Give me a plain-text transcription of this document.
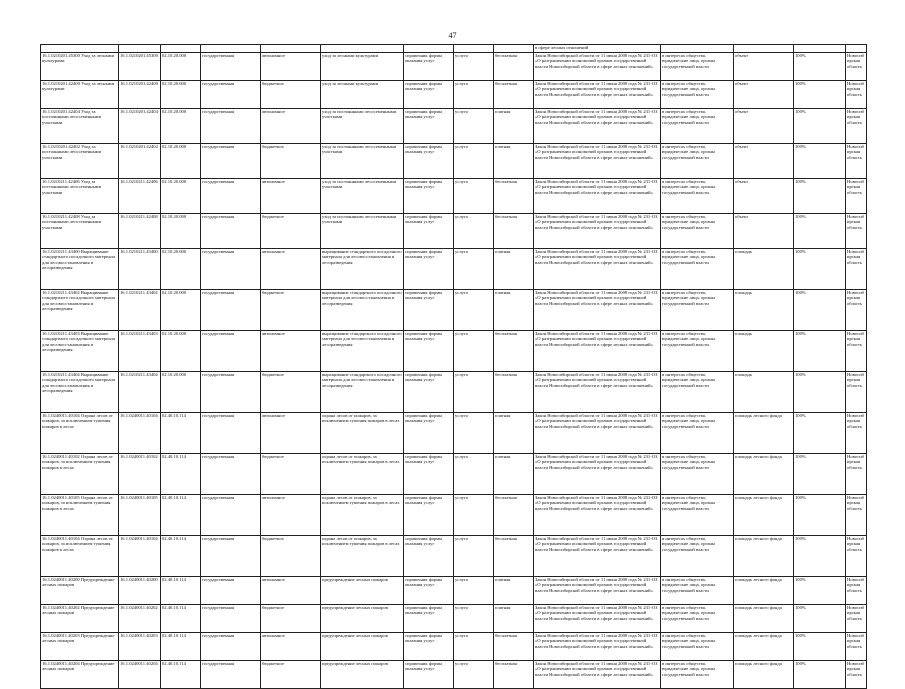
47
									в сфере лесных отношений				
16.1.0210201.45300 Уход за лесными культурами	16.1.0210201.45300	02.10.20.000	государственная	автономное	уход за лесными культурами	справочник формы оказания услуг	услуга	бесплатная	Закон Новосибирской области от 11 июня 2008 года № 231-ОЗ «О разграничении полномочий органов государственной власти Новосибирской области в сфере лесных отношений»	в интересах общества, юридические лица, органы государственной власти	объект	100%	Новосибирская область
16.1.0210201.42400 Уход за лесными культурами	16.1.0210201.42400	02.10.20.000	государственная	бюджетное	уход за лесными культурами	справочник формы оказания услуг	услуга	бесплатная	Закон Новосибирской области от 11 июня 2008 года № 231-ОЗ «О разграничении полномочий органов государственной власти Новосибирской области в сфере лесных отношений»	в интересах общества, юридические лица, органы государственной власти	объект	100%	Новосибирская область
16.1.0210201.42404 Уход за постоянными лесосеменными участками	16.1.0210201.42404	02.10.20.000	государственная	автономное	уход за постоянными лесосеменными участками	справочник формы оказания услуг	услуга	платная	Закон Новосибирской области от 11 июня 2008 года № 231-ОЗ «О разграничении полномочий органов государственной власти Новосибирской области в сфере лесных отношений»	в интересах общества, юридические лица, органы государственной власти	объект	100%	Новосибирская область
16.1.0210201.42402 Уход за постоянными лесосеменными участками	16.1.0210201.42402	02.10.20.000	государственная	бюджетное	уход за постоянными лесосеменными участками	справочник формы оказания услуг	услуга	платная	Закон Новосибирской области от 11 июня 2008 года № 231-ОЗ «О разграничении полномочий органов государственной власти Новосибирской области в сфере лесных отношений»	в интересах общества, юридические лица, органы государственной власти	объект	100%	Новосибирская область
16.1.0210211.42406 Уход за постоянными лесосеменными участками	16.1.0210211.42406	02.10.20.000	государственная	автономное	уход за постоянными лесосеменными участками	справочник формы оказания услуг	услуга	бесплатная	Закон Новосибирской области от 11 июня 2008 года № 231-ОЗ «О разграничении полномочий органов государственной власти Новосибирской области в сфере лесных отношений»	в интересах общества, юридические лица, органы государственной власти	объект	100%	Новосибирская область
16.1.0210211.42408 Уход за постоянными лесосеменными участками	16.1.0210211.42408	02.10.20.000	государственная	бюджетное	уход за постоянными лесосеменными участками	справочник формы оказания услуг	услуга	бесплатная	Закон Новосибирской области от 11 июня 2008 года № 231-ОЗ «О разграничении полномочий органов государственной власти Новосибирской области в сфере лесных отношений»	в интересах общества, юридические лица, органы государственной власти	объект	100%	Новосибирская область
16.1.0210211.43400 Выращивание стандартного посадочного материала для лесовосстановления и лесоразведения	16.1.0210211.43400	02.10.20.000	государственная	автономное	выращивание стандартного посадочного материала для лесовосстановления и лесоразведения	справочник формы оказания услуг	услуга	платная	Закон Новосибирской области от 11 июня 2008 года № 231-ОЗ «О разграничении полномочий органов государственной власти Новосибирской области в сфере лесных отношений»	в интересах общества, юридические лица, органы государственной власти	площадь	100%	Новосибирская область
16.1.0210211.43402 Выращивание стандартного посадочного материала для лесовосстановления и лесоразведения	16.1.0210211.43402	02.10.20.000	государственная	бюджетное	выращивание стандартного посадочного материала для лесовосстановления и лесоразведения	справочник формы оказания услуг	услуга	платная	Закон Новосибирской области от 11 июня 2008 года № 231-ОЗ «О разграничении полномочий органов государственной власти Новосибирской области в сфере лесных отношений»	в интересах общества, юридические лица, органы государственной власти	площадь	100%	Новосибирская область
16.1.0210211.43403 Выращивание стандартного посадочного материала для лесовосстановления и лесоразведения	16.1.0210211.43403	02.10.20.000	государственная	автономное	выращивание стандартного посадочного материала для лесовосстановления и лесоразведения	справочник формы оказания услуг	услуга	бесплатная	Закон Новосибирской области от 11 июня 2008 года № 231-ОЗ «О разграничении полномочий органов государственной власти Новосибирской области в сфере лесных отношений»	в интересах общества, юридические лица, органы государственной власти	площадь	100%	Новосибирская область
16.1.0210211.43404 Выращивание стандартного посадочного материала для лесовосстановления и лесоразведения	16.1.0210211.43404	02.10.20.000	государственная	бюджетное	выращивание стандартного посадочного материала для лесовосстановления и лесоразведения	справочник формы оказания услуг	услуга	бесплатная	Закон Новосибирской области от 11 июня 2008 года № 231-ОЗ «О разграничении полномочий органов государственной власти Новосибирской области в сфере лесных отношений»	в интересах общества, юридические лица, органы государственной власти	площадь	100%	Новосибирская область
16.1.0240011.40104 Охрана лесов от пожаров, за исключением тушения пожаров в лесах	16.1.0240011.40104	02.40.10.114	государственная	автономное	охрана лесов от пожаров, за исключением тушения пожаров в лесах	справочник формы оказания услуг	услуга	платная	Закон Новосибирской области от 11 июня 2008 года № 231-ОЗ «О разграничении полномочий органов государственной власти Новосибирской области в сфере лесных отношений»	в интересах общества, юридические лица, органы государственной власти	площадь лесного фонда	100%	Новосибирская область
16.1.0240011.40102 Охрана лесов от пожаров, за исключением тушения пожаров в лесах	16.1.0240011.40102	02.40.10.114	государственная	бюджетное	охрана лесов от пожаров, за исключением тушения пожаров в лесах	справочник формы оказания услуг	услуга	платная	Закон Новосибирской области от 11 июня 2008 года № 231-ОЗ «О разграничении полномочий органов государственной власти Новосибирской области в сфере лесных отношений»	в интересах общества, юридические лица, органы государственной власти	площадь лесного фонда	100%	Новосибирская область
16.1.0240011.40105 Охрана лесов от пожаров, за исключением тушения пожаров в лесах	16.1.0240011.40105	02.40.10.114	государственная	автономное	охрана лесов от пожаров, за исключением тушения пожаров в лесах	справочник формы оказания услуг	услуга	бесплатная	Закон Новосибирской области от 11 июня 2008 года № 231-ОЗ «О разграничении полномочий органов государственной власти Новосибирской области в сфере лесных отношений»	в интересах общества, юридические лица, органы государственной власти	площадь лесного фонда	100%	Новосибирская область
16.1.0240011.40104 Охрана лесов от пожаров, за исключением тушения пожаров в лесах	16.1.0240011.40104	02.40.10.114	государственная	бюджетное	охрана лесов от пожаров, за исключением тушения пожаров в лесах	справочник формы оказания услуг	услуга	бесплатная	Закон Новосибирской области от 11 июня 2008 года № 231-ОЗ «О разграничении полномочий органов государственной власти Новосибирской области в сфере лесных отношений»	в интересах общества, юридические лица, органы государственной власти	площадь лесного фонда	100%	Новосибирская область
16.1.0240011.40200 Предупреждение лесных пожаров	16.1.0240011.40200	02.40.10.114	государственная	автономное	предупреждение лесных пожаров	справочник формы оказания услуг	услуга	платная	Закон Новосибирской области от 11 июня 2008 года № 231-ОЗ «О разграничении полномочий органов государственной власти Новосибирской области в сфере лесных отношений»	в интересах общества, юридические лица, органы государственной власти	площадь лесного фонда	100%	Новосибирская область
16.1.0240011.40202 Предупреждение лесных пожаров	16.1.0240011.40202	02.40.10.114	государственная	бюджетное	предупреждение лесных пожаров	справочник формы оказания услуг	услуга	платная	Закон Новосибирской области от 11 июня 2008 года № 231-ОЗ «О разграничении полномочий органов государственной власти Новосибирской области в сфере лесных отношений»	в интересах общества, юридические лица, органы государственной власти	площадь лесного фонда	100%	Новосибирская область
16.1.0240011.40203 Предупреждение лесных пожаров	16.1.0240011.40203	02.40.10.114	государственная	автономное	предупреждение лесных пожаров	справочник формы оказания услуг	услуга	бесплатная	Закон Новосибирской области от 11 июня 2008 года № 231-ОЗ «О разграничении полномочий органов государственной власти Новосибирской области в сфере лесных отношений»	в интересах общества, юридические лица, органы государственной власти	площадь лесного фонда	100%	Новосибирская область
16.1.0240011.40204 Предупреждение лесных пожаров	16.1.0240011.40204	02.40.10.114	государственная	бюджетное	предупреждение лесных пожаров	справочник формы оказания услуг	услуга	бесплатная	Закон Новосибирской области от 11 июня 2008 года № 231-ОЗ «О разграничении полномочий органов государственной власти Новосибирской области в сфере лесных отношений»	в интересах общества, юридические лица, органы государственной власти	площадь лесного фонда	100%	Новосибирская область
